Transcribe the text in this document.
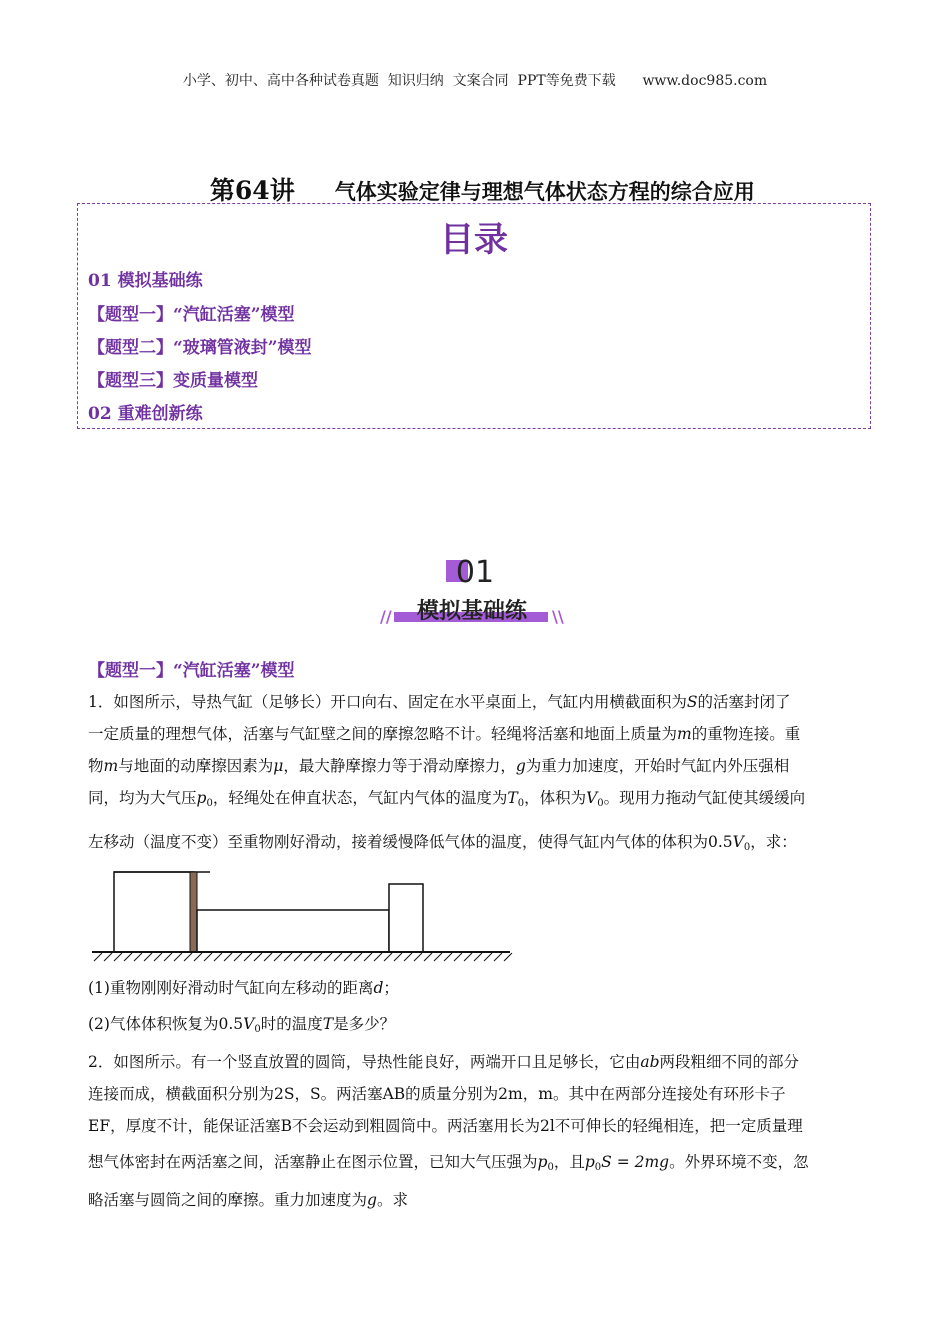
小学、初中、高中各种试卷真题  知识归纳  文案合同  PPT等免费下载      www.doc985.com

第64讲 气体实验定律与理想气体状态方程的综合应用

目录
01 模拟基础练
【题型一】“汽缸活塞”模型
【题型二】“玻璃管液封”模型
【题型三】变质量模型
02 重难创新练
01
//	\\
模拟基础练
【题型一】“汽缸活塞”模型
1．如图所示，导热气缸（足够长）开口向右、固定在水平桌面上，气缸内用横截面积为S的活塞封闭了
一定质量的理想气体，活塞与气缸壁之间的摩擦忽略不计。轻绳将活塞和地面上质量为m的重物连接。重
物m与地面的动摩擦因素为μ，最大静摩擦力等于滑动摩擦力，g为重力加速度，开始时气缸内外压强相
同，均为大气压$p_0$，轻绳处在伸直状态，气缸内气体的温度为$T_0$，体积为$V_0$。现用力拖动气缸使其缓缓向
左移动（温度不变）至重物刚好滑动，接着缓慢降低气体的温度，使得气缸内气体的体积为$0.5V_0$，求：
(1)重物刚刚好滑动时气缸向左移动的距离d；
(2)气体体积恢复为$0.5V_0$时的温度T是多少？
2．如图所示。有一个竖直放置的圆筒，导热性能良好，两端开口且足够长，它由ab两段粗细不同的部分
连接而成，横截面积分别为2S，S。两活塞AB的质量分别为2m，m。其中在两部分连接处有环形卡子
EF，厚度不计，能保证活塞B不会运动到粗圆筒中。两活塞用长为2l不可伸长的轻绳相连，把一定质量理
想气体密封在两活塞之间，活塞静止在图示位置，已知大气压强为$p_0$，且$p_0S = 2mg$。外界环境不变，忽
略活塞与圆筒之间的摩擦。重力加速度为g。求
